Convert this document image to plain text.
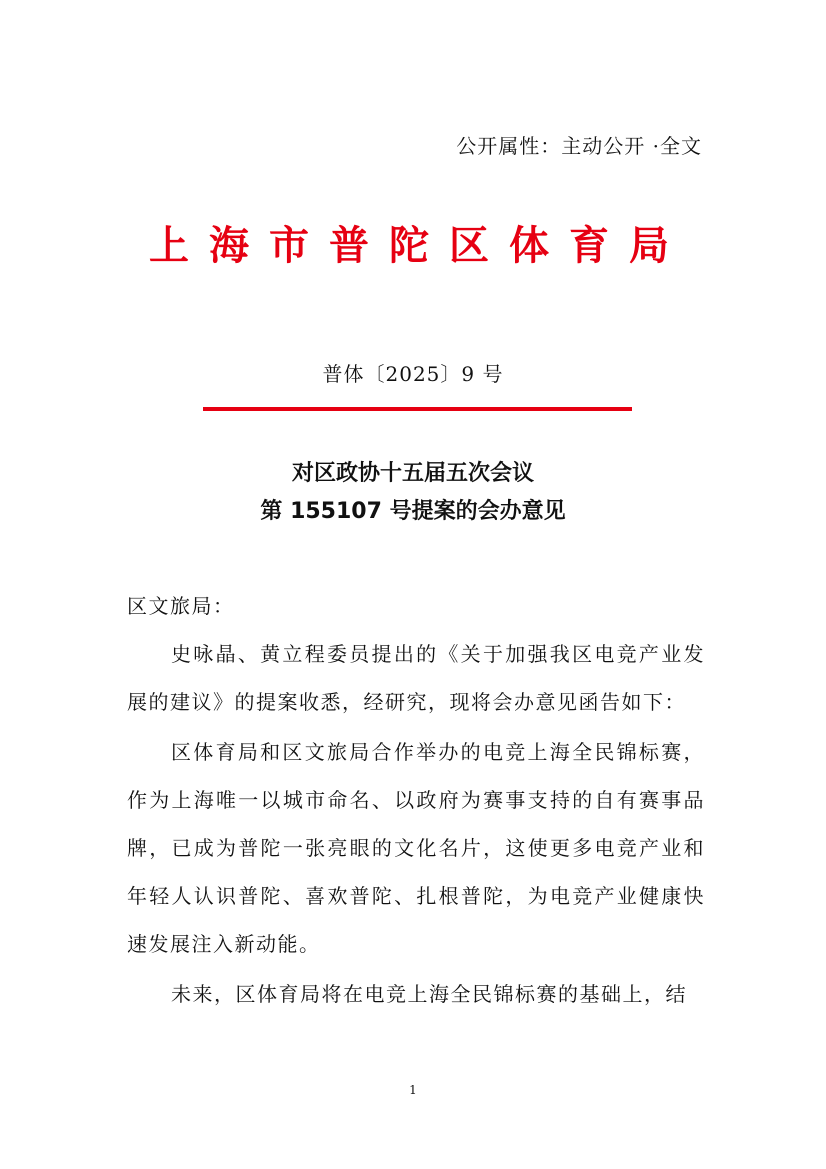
公开属性：主动公开 ·全文
上海市普陀区体育局
普体〔2025〕9 号
对区政协十五届五次会议
第 155107 号提案的会办意见

区文旅局：

史咏晶、黄立程委员提出的《关于加强我区电竞产业发展的建议》的提案收悉，经研究，现将会办意见函告如下：

区体育局和区文旅局合作举办的电竞上海全民锦标赛，作为上海唯一以城市命名、以政府为赛事支持的自有赛事品牌，已成为普陀一张亮眼的文化名片，这使更多电竞产业和年轻人认识普陀、喜欢普陀、扎根普陀，为电竞产业健康快速发展注入新动能。

未来，区体育局将在电竞上海全民锦标赛的基础上，结

1
